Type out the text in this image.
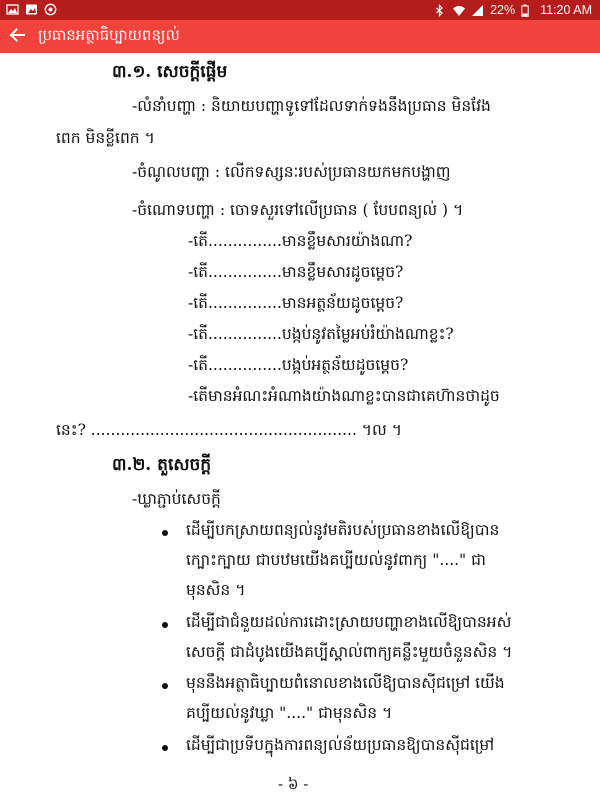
22% 11:20 AM
ប្រធានអត្ថាធិប្បាយពន្យល់
៣.១. សេចក្ដីផ្ដើម
-លំនាំបញ្ហា : និយាយបញ្ហាទូទៅដែលទាក់ទងនឹងប្រធាន មិនវែង
ពេក មិនខ្លីពេក ។
-ចំណូលបញ្ហា : លើកទស្សនៈរបស់ប្រធានយកមកបង្ហាញ
-ចំណោទបញ្ហា : ចោទសួរទៅលើប្រធាន ( បែបពន្យល់ ) ។
-តើ...............មានខ្លឹមសារយ៉ាងណា?
-តើ...............មានខ្លឹមសារដូចម្ដេច?
-តើ...............មានអត្ថន័យដូចម្ដេច?
-តើ...............បង្កប់នូវតម្លៃអប់រំយ៉ាងណាខ្លះ?
-តើ...............បង្កប់អត្ថន័យដូចម្ដេច?
-តើមានអំណះអំណាងយ៉ាងណាខ្លះបានជាគេហ៊ានថាដូច
នេះ? ...................................................... ។ល ។
៣.២. តួសេចក្ដី
-ឃ្លាភ្ជាប់សេចក្ដី
ដើម្បីបកស្រាយពន្យល់នូវមតិរបស់ប្រធានខាងលើឱ្យបាន
ក្បោះក្បាយ ជាបឋមយើងគប្បីយល់នូវពាក្យ "...." ជា
មុនសិន ។
ដើម្បីជាជំនួយដល់ការដោះស្រាយបញ្ហាខាងលើឱ្យបានអស់
សេចក្ដី ជាដំបូងយើងគប្បីស្គាល់ពាក្យគន្លឹះមួយចំនួនសិន ។
មុននឹងអត្ថាធិប្បាយពំនោលខាងលើឱ្យបានស៊ីជម្រៅ យើង
គប្បីយល់នូវឃ្លា "...." ជាមុនសិន ។
ដើម្បីជាប្រទីបក្នុងការពន្យល់ន័យប្រធានឱ្យបានស៊ីជម្រៅ
- ៦ -
